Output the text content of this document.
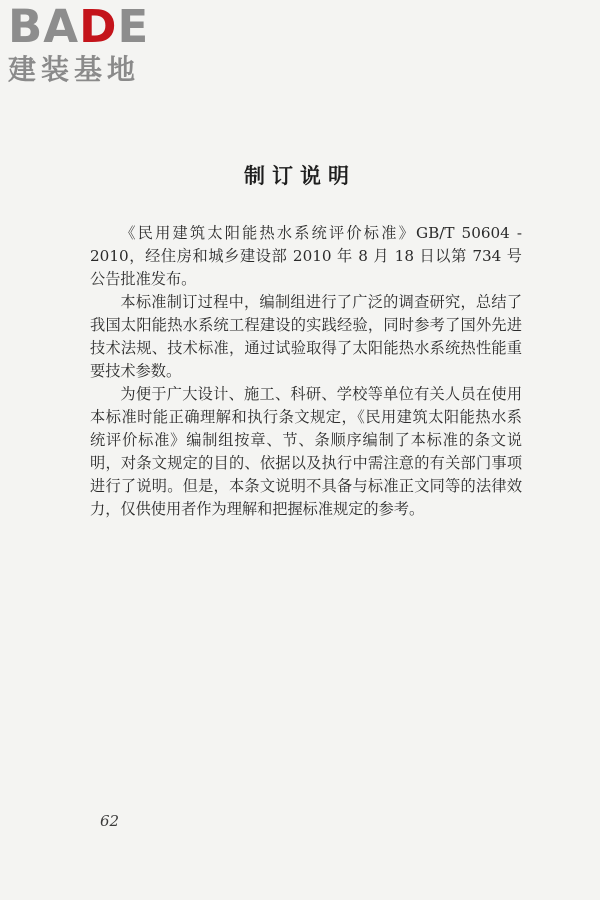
BADE
建装基地
制订说明

《民用建筑太阳能热水系统评价标准》GB/T 50604 - 2010，经住房和城乡建设部 2010 年 8 月 18 日以第 734 号公告批准发布。

本标准制订过程中，编制组进行了广泛的调查研究，总结了我国太阳能热水系统工程建设的实践经验，同时参考了国外先进技术法规、技术标准，通过试验取得了太阳能热水系统热性能重要技术参数。

为便于广大设计、施工、科研、学校等单位有关人员在使用本标准时能正确理解和执行条文规定，《民用建筑太阳能热水系统评价标准》编制组按章、节、条顺序编制了本标准的条文说明，对条文规定的目的、依据以及执行中需注意的有关部门事项进行了说明。但是，本条文说明不具备与标准正文同等的法律效力，仅供使用者作为理解和把握标准规定的参考。

62
